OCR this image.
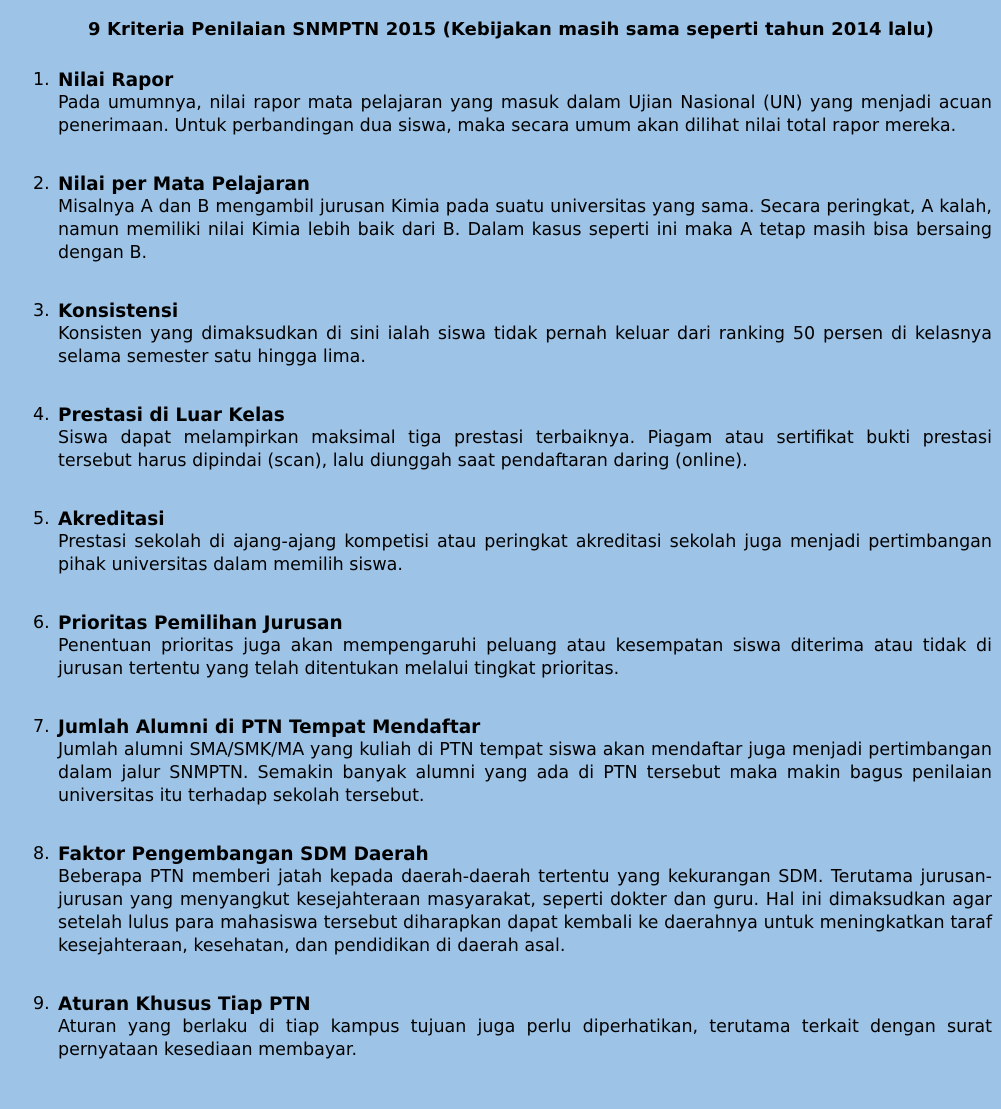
9 Kriteria Penilaian SNMPTN 2015 (Kebijakan masih sama seperti tahun 2014 lalu)
1. Nilai Rapor
Pada umumnya, nilai rapor mata pelajaran yang masuk dalam Ujian Nasional (UN) yang menjadi acuan penerimaan. Untuk perbandingan dua siswa, maka secara umum akan dilihat nilai total rapor mereka.
2. Nilai per Mata Pelajaran
Misalnya A dan B mengambil jurusan Kimia pada suatu universitas yang sama. Secara peringkat, A kalah, namun memiliki nilai Kimia lebih baik dari B. Dalam kasus seperti ini maka A tetap masih bisa bersaing dengan B.
3. Konsistensi
Konsisten yang dimaksudkan di sini ialah siswa tidak pernah keluar dari ranking 50 persen di kelasnya selama semester satu hingga lima.
4. Prestasi di Luar Kelas
Siswa dapat melampirkan maksimal tiga prestasi terbaiknya. Piagam atau sertifikat bukti prestasi tersebut harus dipindai (scan), lalu diunggah saat pendaftaran daring (online).
5. Akreditasi
Prestasi sekolah di ajang-ajang kompetisi atau peringkat akreditasi sekolah juga menjadi pertimbangan pihak universitas dalam memilih siswa.
6. Prioritas Pemilihan Jurusan
Penentuan prioritas juga akan mempengaruhi peluang atau kesempatan siswa diterima atau tidak di jurusan tertentu yang telah ditentukan melalui tingkat prioritas.
7. Jumlah Alumni di PTN Tempat Mendaftar
Jumlah alumni SMA/SMK/MA yang kuliah di PTN tempat siswa akan mendaftar juga menjadi pertimbangan dalam jalur SNMPTN. Semakin banyak alumni yang ada di PTN tersebut maka makin bagus penilaian universitas itu terhadap sekolah tersebut.
8. Faktor Pengembangan SDM Daerah
Beberapa PTN memberi jatah kepada daerah-daerah tertentu yang kekurangan SDM. Terutama jurusan-jurusan yang menyangkut kesejahteraan masyarakat, seperti dokter dan guru. Hal ini dimaksudkan agar setelah lulus para mahasiswa tersebut diharapkan dapat kembali ke daerahnya untuk meningkatkan taraf kesejahteraan, kesehatan, dan pendidikan di daerah asal.
9. Aturan Khusus Tiap PTN
Aturan yang berlaku di tiap kampus tujuan juga perlu diperhatikan, terutama terkait dengan surat pernyataan kesediaan membayar.
